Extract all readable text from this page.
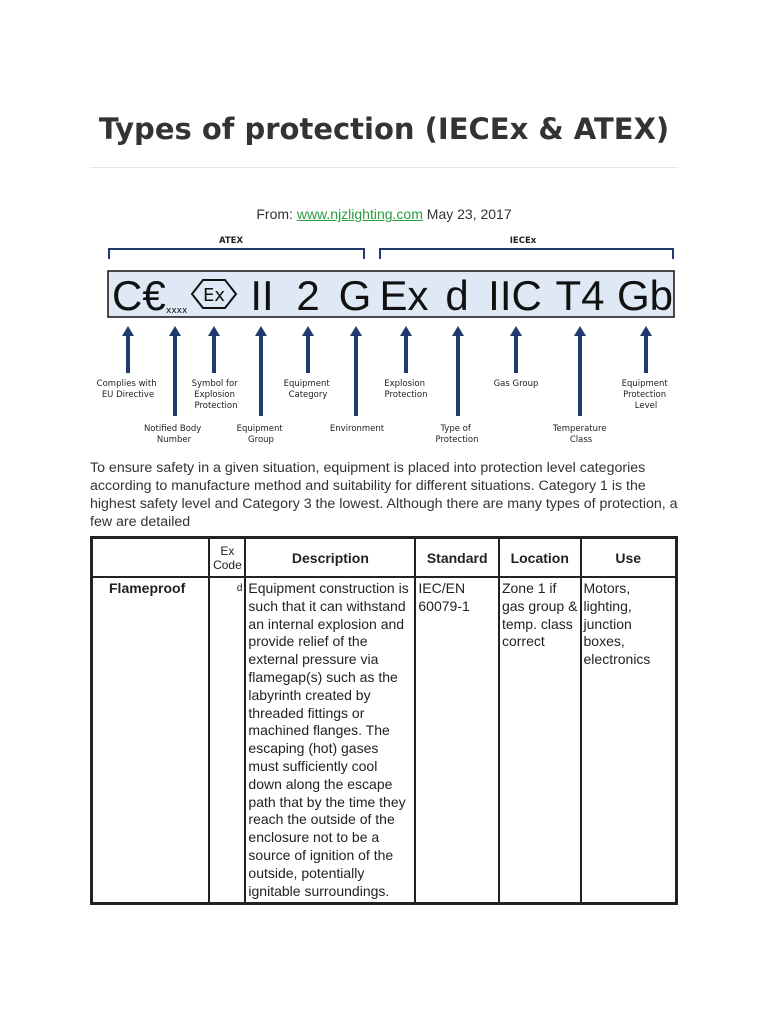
Types of protection (IECEx & ATEX)
From: www.njzlighting.com May 23, 2017
ATEX	IECEx
C€ xxxx
Ex II 2 G Ex d IIC T4 Gb
Complies with EU Directive
Notified Body Number
Symbol for Explosion Protection
Equipment Group
Equipment Category
Environment
Explosion Protection
Type of Protection
Gas Group
Temperature Class
Equipment Protection Level
To ensure safety in a given situation, equipment is placed into protection level categories according to manufacture method and suitability for different situations. Category 1 is the highest safety level and Category 3 the lowest. Although there are many types of protection, a few are detailed
	Ex Code	Description	Standard	Location	Use
Flameproof	d	Equipment construction is such that it can withstand an internal explosion and provide relief of the external pressure via flamegap(s) such as the labyrinth created by threaded fittings or machined flanges. The escaping (hot) gases must sufficiently cool down along the escape path that by the time they reach the outside of the enclosure not to be a source of ignition of the outside, potentially ignitable surroundings.	IEC/EN 60079-1	Zone 1 if gas group & temp. class correct	Motors, lighting, junction boxes, electronics
